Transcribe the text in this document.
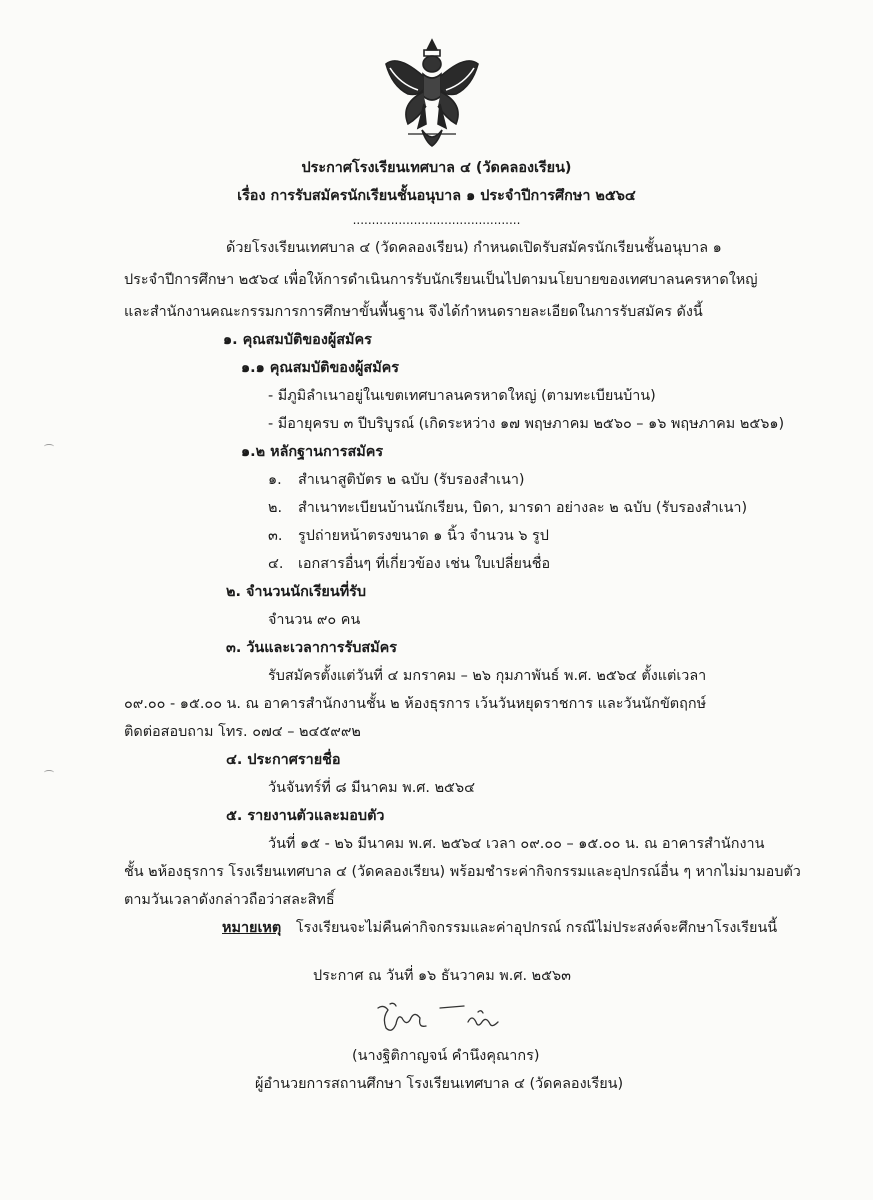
ประกาศโรงเรียนเทศบาล ๔ (วัดคลองเรียน)
เรื่อง การรับสมัครนักเรียนชั้นอนุบาล ๑ ประจำปีการศึกษา ๒๕๖๔
............................................
ด้วยโรงเรียนเทศบาล ๔ (วัดคลองเรียน) กำหนดเปิดรับสมัครนักเรียนชั้นอนุบาล ๑
ประจำปีการศึกษา ๒๕๖๔ เพื่อให้การดำเนินการรับนักเรียนเป็นไปตามนโยบายของเทศบาลนครหาดใหญ่
และสำนักงานคณะกรรมการการศึกษาขั้นพื้นฐาน จึงได้กำหนดรายละเอียดในการรับสมัคร ดังนี้
๑. คุณสมบัติของผู้สมัคร
๑.๑ คุณสมบัติของผู้สมัคร
- มีภูมิลำเนาอยู่ในเขตเทศบาลนครหาดใหญ่ (ตามทะเบียนบ้าน)
- มีอายุครบ ๓ ปีบริบูรณ์ (เกิดระหว่าง ๑๗ พฤษภาคม ๒๕๖๐ – ๑๖ พฤษภาคม ๒๕๖๑)
๑.๒ หลักฐานการสมัคร
๑. สำเนาสูติบัตร ๒ ฉบับ (รับรองสำเนา)
๒. สำเนาทะเบียนบ้านนักเรียน, บิดา, มารดา อย่างละ ๒ ฉบับ (รับรองสำเนา)
๓. รูปถ่ายหน้าตรงขนาด ๑ นิ้ว จำนวน ๖ รูป
๔. เอกสารอื่นๆ ที่เกี่ยวข้อง เช่น ใบเปลี่ยนชื่อ
๒. จำนวนนักเรียนที่รับ
จำนวน ๙๐ คน
๓. วันและเวลาการรับสมัคร
รับสมัครตั้งแต่วันที่ ๔ มกราคม – ๒๖ กุมภาพันธ์ พ.ศ. ๒๕๖๔ ตั้งแต่เวลา
๐๙.๐๐ - ๑๕.๐๐ น. ณ อาคารสำนักงานชั้น ๒ ห้องธุรการ เว้นวันหยุดราชการ และวันนักขัตฤกษ์
ติดต่อสอบถาม โทร. ๐๗๔ – ๒๔๕๙๙๒
๔. ประกาศรายชื่อ
วันจันทร์ที่ ๘ มีนาคม พ.ศ. ๒๕๖๔
๕. รายงานตัวและมอบตัว
วันที่ ๑๕ - ๒๖ มีนาคม พ.ศ. ๒๕๖๔ เวลา ๐๙.๐๐ – ๑๕.๐๐ น. ณ อาคารสำนักงาน
ชั้น ๒ห้องธุรการ โรงเรียนเทศบาล ๔ (วัดคลองเรียน) พร้อมชำระค่ากิจกรรมและอุปกรณ์อื่น ๆ หากไม่มามอบตัว
ตามวันเวลาดังกล่าวถือว่าสละสิทธิ์
หมายเหตุ โรงเรียนจะไม่คืนค่ากิจกรรมและค่าอุปกรณ์ กรณีไม่ประสงค์จะศึกษาโรงเรียนนี้
ประกาศ ณ วันที่ ๑๖ ธันวาคม พ.ศ. ๒๕๖๓
(นางฐิติกาญจน์ คำนึงคุณากร)
ผู้อำนวยการสถานศึกษา โรงเรียนเทศบาล ๔ (วัดคลองเรียน)
